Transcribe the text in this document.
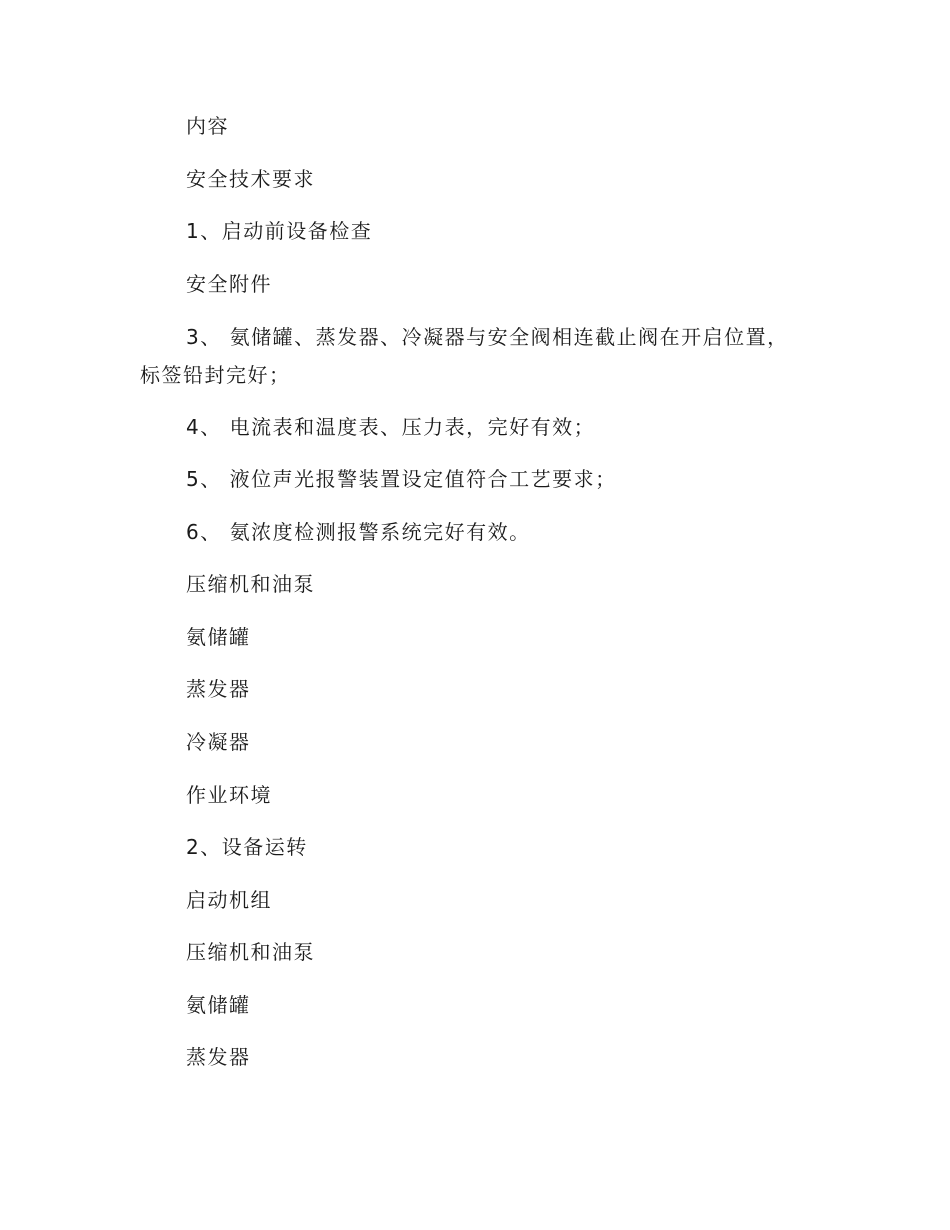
内容
安全技术要求
1、启动前设备检查
安全附件
3、 氨储罐、蒸发器、冷凝器与安全阀相连截止阀在开启位置，标签铅封完好；
4、 电流表和温度表、压力表，完好有效；
5、 液位声光报警装置设定值符合工艺要求；
6、 氨浓度检测报警系统完好有效。
压缩机和油泵
氨储罐
蒸发器
冷凝器
作业环境
2、设备运转
启动机组
压缩机和油泵
氨储罐
蒸发器
